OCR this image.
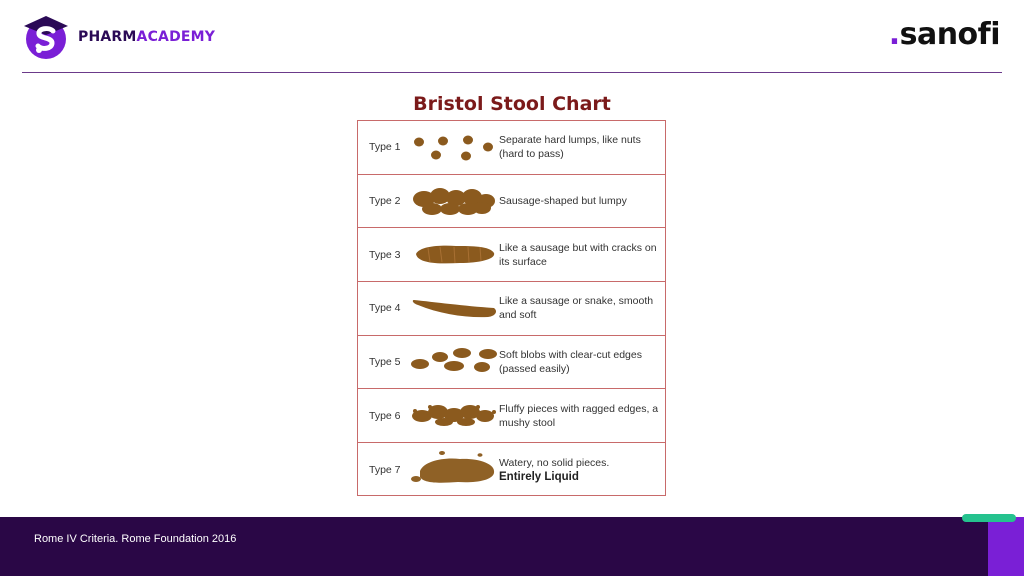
PHARMACADEMY	.sanofi
Bristol Stool Chart
Type 1
Separate hard lumps, like nuts (hard to pass)
Type 2	Sausage-shaped but lumpy
Type 3
Like a sausage but with cracks on its surface
Type 4
Like a sausage or snake, smooth and soft
Type 5
Soft blobs with clear-cut edges (passed easily)
Type 6
Fluffy pieces with ragged edges, a mushy stool
Type 7
Watery, no solid pieces.
Entirely Liquid
Rome IV Criteria. Rome Foundation 2016
